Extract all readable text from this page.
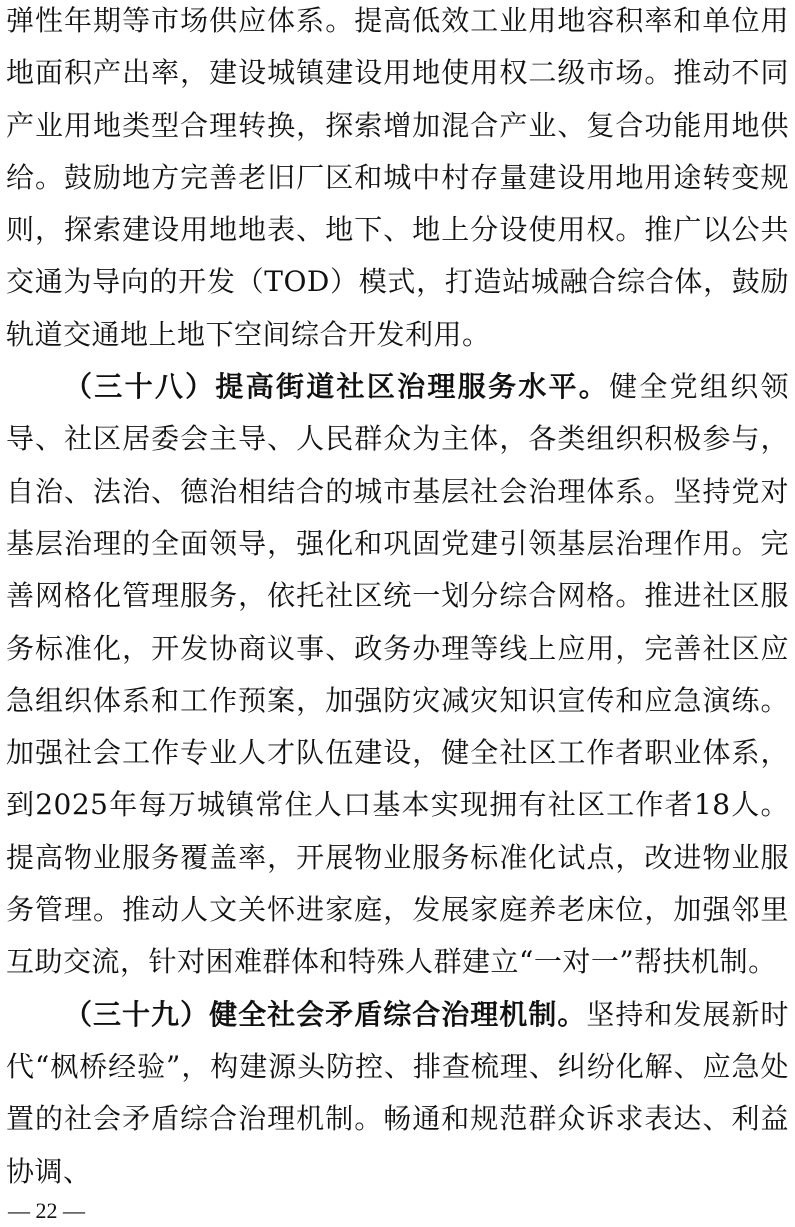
弹性年期等市场供应体系。提高低效工业用地容积率和单位用地面积产出率，建设城镇建设用地使用权二级市场。推动不同产业用地类型合理转换，探索增加混合产业、复合功能用地供给。鼓励地方完善老旧厂区和城中村存量建设用地用途转变规则，探索建设用地地表、地下、地上分设使用权。推广以公共交通为导向的开发（TOD）模式，打造站城融合综合体，鼓励轨道交通地上地下空间综合开发利用。

（三十八）提高街道社区治理服务水平。健全党组织领导、社区居委会主导、人民群众为主体，各类组织积极参与，自治、法治、德治相结合的城市基层社会治理体系。坚持党对基层治理的全面领导，强化和巩固党建引领基层治理作用。完善网格化管理服务，依托社区统一划分综合网格。推进社区服务标准化，开发协商议事、政务办理等线上应用，完善社区应急组织体系和工作预案，加强防灾减灾知识宣传和应急演练。加强社会工作专业人才队伍建设，健全社区工作者职业体系，到2025年每万城镇常住人口基本实现拥有社区工作者18人。提高物业服务覆盖率，开展物业服务标准化试点，改进物业服务管理。推动人文关怀进家庭，发展家庭养老床位，加强邻里互助交流，针对困难群体和特殊人群建立“一对一”帮扶机制。

（三十九）健全社会矛盾综合治理机制。坚持和发展新时代“枫桥经验”，构建源头防控、排查梳理、纠纷化解、应急处置的社会矛盾综合治理机制。畅通和规范群众诉求表达、利益协调、

— 22 —
